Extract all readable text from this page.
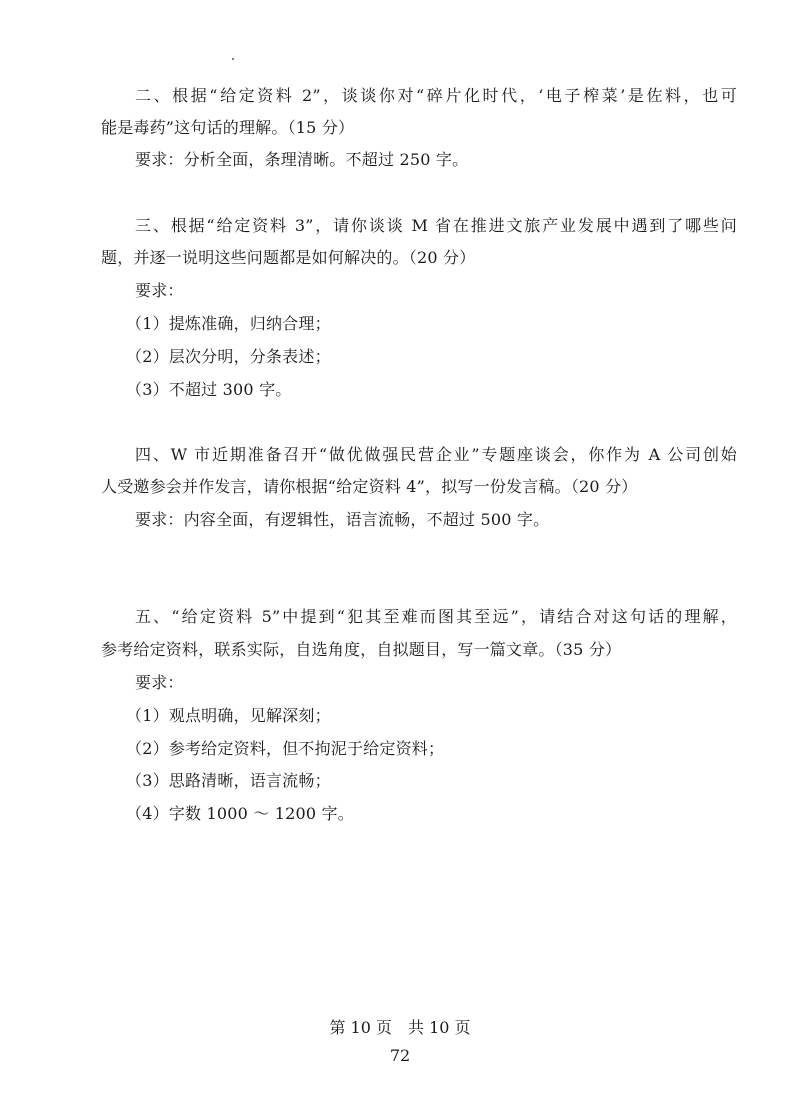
二、根据“给定资料 2”，谈谈你对“碎片化时代，‘电子榨菜’是佐料，也可
能是毒药”这句话的理解。（15 分）
要求：分析全面，条理清晰。不超过 250 字。
三、根据“给定资料 3”，请你谈谈 M 省在推进文旅产业发展中遇到了哪些问
题，并逐一说明这些问题都是如何解决的。（20 分）
要求：
（1）提炼准确，归纳合理；
（2）层次分明，分条表述；
（3）不超过 300 字。
四、W 市近期准备召开“做优做强民营企业”专题座谈会，你作为 A 公司创始
人受邀参会并作发言，请你根据“给定资料 4”，拟写一份发言稿。（20 分）
要求：内容全面，有逻辑性，语言流畅，不超过 500 字。
五、“给定资料 5”中提到“犯其至难而图其至远”，请结合对这句话的理解，
参考给定资料，联系实际，自选角度，自拟题目，写一篇文章。（35 分）
要求：
（1）观点明确，见解深刻；
（2）参考给定资料，但不拘泥于给定资料；
（3）思路清晰，语言流畅；
（4）字数 1000 ～ 1200 字。
第 10 页　共 10 页
72
